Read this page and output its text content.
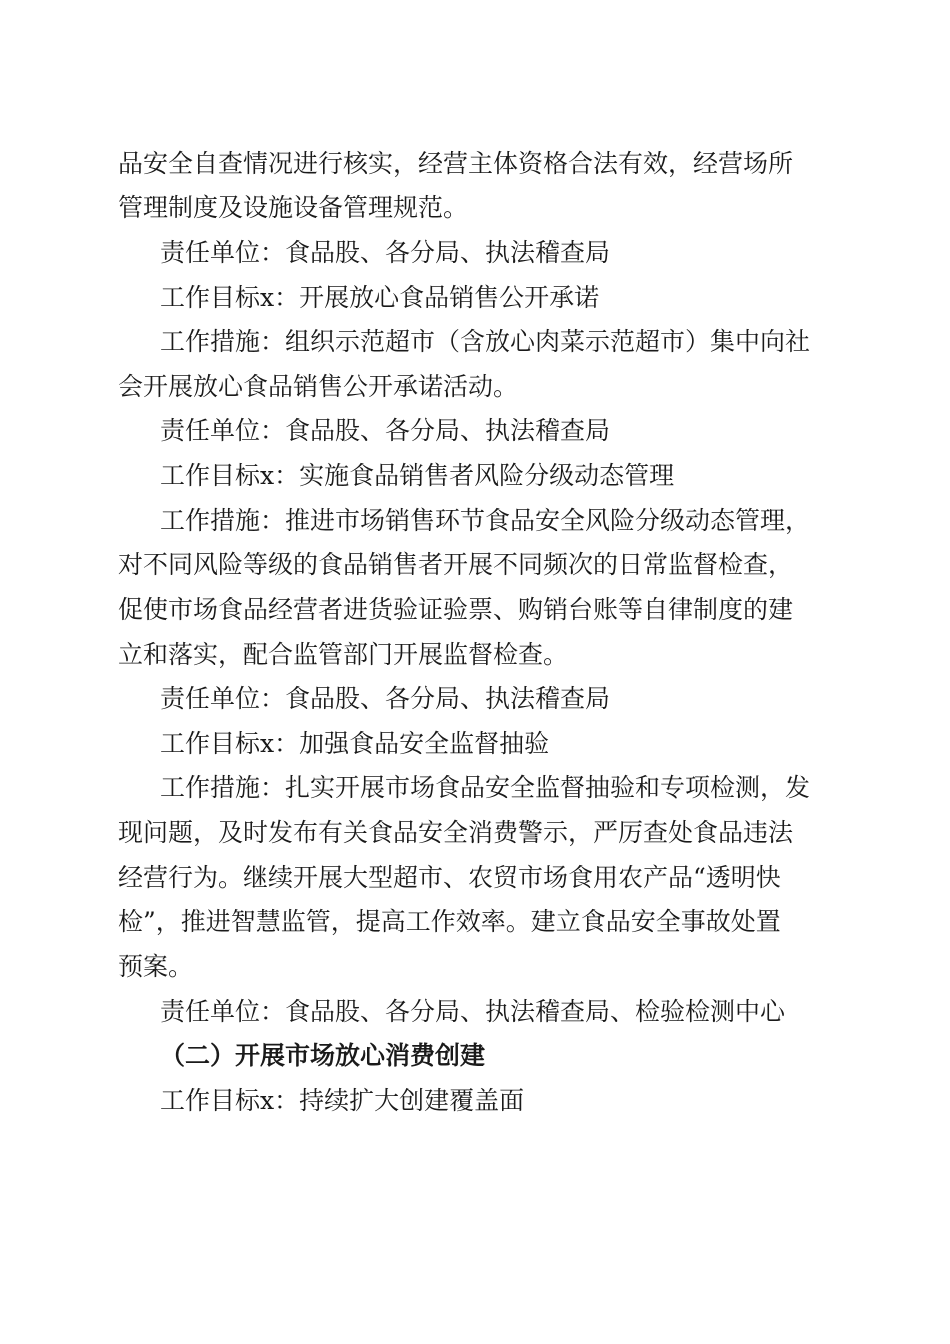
品安全自查情况进行核实，经营主体资格合法有效，经营场所
管理制度及设施设备管理规范。
责任单位：食品股、各分局、执法稽查局
工作目标x：开展放心食品销售公开承诺
工作措施：组织示范超市（含放心肉菜示范超市）集中向社
会开展放心食品销售公开承诺活动。
责任单位：食品股、各分局、执法稽查局
工作目标x：实施食品销售者风险分级动态管理
工作措施：推进市场销售环节食品安全风险分级动态管理，
对不同风险等级的食品销售者开展不同频次的日常监督检查，
促使市场食品经营者进货验证验票、购销台账等自律制度的建
立和落实，配合监管部门开展监督检查。
责任单位：食品股、各分局、执法稽查局
工作目标x：加强食品安全监督抽验
工作措施：扎实开展市场食品安全监督抽验和专项检测，发
现问题，及时发布有关食品安全消费警示，严厉查处食品违法
经营行为。继续开展大型超市、农贸市场食用农产品“透明快
检”，推进智慧监管，提高工作效率。建立食品安全事故处置
预案。
责任单位：食品股、各分局、执法稽查局、检验检测中心
（二）开展市场放心消费创建
工作目标x：持续扩大创建覆盖面
